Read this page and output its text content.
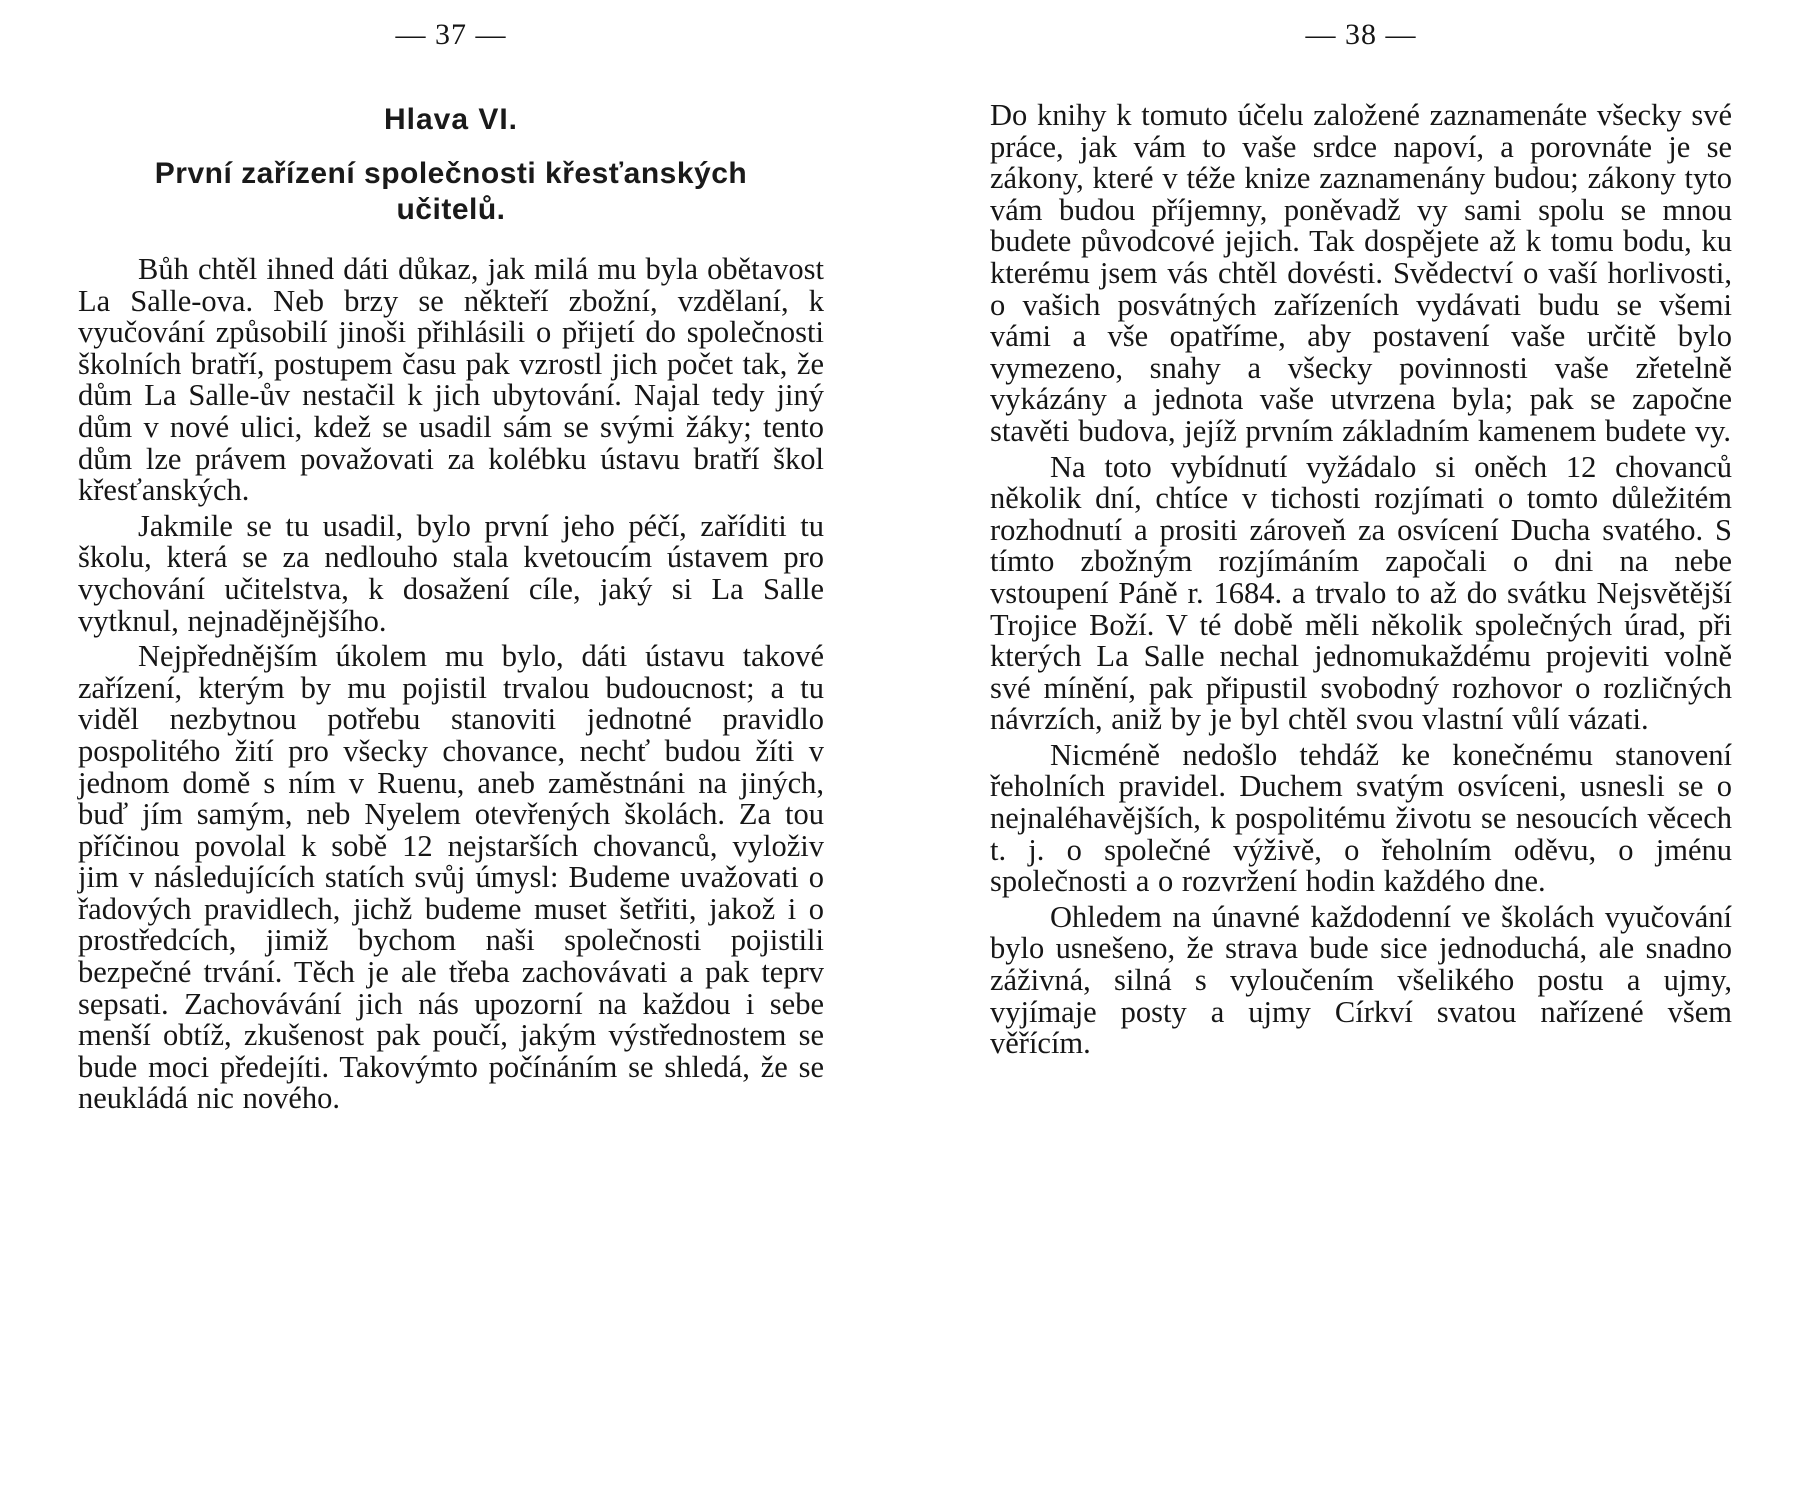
— 37 —
Hlava VI.
První zařízení společnosti křesťanských učitelů.

Bůh chtěl ihned dáti důkaz, jak milá mu byla obětavost La Salle-ova. Neb brzy se někteří zbožní, vzdělaní, k vyučování způsobilí jinoši přihlásili o přijetí do společnosti školních bratří, postupem času pak vzrostl jich počet tak, že dům La Salle-ův nestačil k jich ubytování. Najal tedy jiný dům v nové ulici, kdež se usadil sám se svými žáky; tento dům lze právem považovati za kolébku ústavu bratří škol křesťanských.

Jakmile se tu usadil, bylo první jeho péčí, zaříditi tu školu, která se za nedlouho stala kvetoucím ústavem pro vychování učitelstva, k dosažení cíle, jaký si La Salle vytknul, nejnadějnějšího.

Nejpřednějším úkolem mu bylo, dáti ústavu takové zařízení, kterým by mu pojistil trvalou budoucnost; a tu viděl nezbytnou potřebu stanoviti jednotné pravidlo pospolitého žití pro všecky chovance, nechť budou žíti v jednom domě s ním v Ruenu, aneb zaměstnáni na jiných, buď jím samým, neb Nyelem otevřených školách. Za tou příčinou povolal k sobě 12 nejstarších chovanců, vyloživ jim v následujících statích svůj úmysl: Budeme uvažovati o řadových pravidlech, jichž budeme muset šetřiti, jakož i o prostředcích, jimiž bychom naši společnosti pojistili bezpečné trvání. Těch je ale třeba zachovávati a pak teprv sepsati. Zachovávání jich nás upozorní na každou i sebe menší obtíž, zkušenost pak poučí, jakým výstřednostem se bude moci předejíti. Takovýmto počínáním se shledá, že se neukládá nic nového.

— 38 —

Do knihy k tomuto účelu založené zaznamenáte všecky své práce, jak vám to vaše srdce napoví, a porovnáte je se zákony, které v téže knize zaznamenány budou; zákony tyto vám budou příjemny, poněvadž vy sami spolu se mnou budete původcové jejich. Tak dospějete až k tomu bodu, ku kterému jsem vás chtěl dovésti. Svědectví o vaší horlivosti, o vašich posvátných zařízeních vydávati budu se všemi vámi a vše opatříme, aby postavení vaše určitě bylo vymezeno, snahy a všecky povinnosti vaše zřetelně vykázány a jednota vaše utvrzena byla; pak se započne stavěti budova, jejíž prvním základním kamenem budete vy.

Na toto vybídnutí vyžádalo si oněch 12 chovanců několik dní, chtíce v tichosti rozjímati o tomto důležitém rozhodnutí a prositi zároveň za osvícení Ducha svatého. S tímto zbožným rozjímáním započali o dni na nebe vstoupení Páně r. 1684. a trvalo to až do svátku Nejsvětější Trojice Boží. V té době měli několik společných úrad, při kterých La Salle nechal jednomukaždému projeviti volně své mínění, pak připustil svobodný rozhovor o rozličných návrzích, aniž by je byl chtěl svou vlastní vůlí vázati.

Nicméně nedošlo tehdáž ke konečnému stanovení řeholních pravidel. Duchem svatým osvíceni, usnesli se o nejnaléhavějších, k pospolitému životu se nesoucích věcech t. j. o společné výživě, o řeholním oděvu, o jménu společnosti a o rozvržení hodin každého dne.

Ohledem na únavné každodenní ve školách vyučování bylo usnešeno, že strava bude sice jednoduchá, ale snadno záživná, silná s vyloučením všelikého postu a ujmy, vyjímaje posty a ujmy Církví svatou nařízené všem věřícím.
